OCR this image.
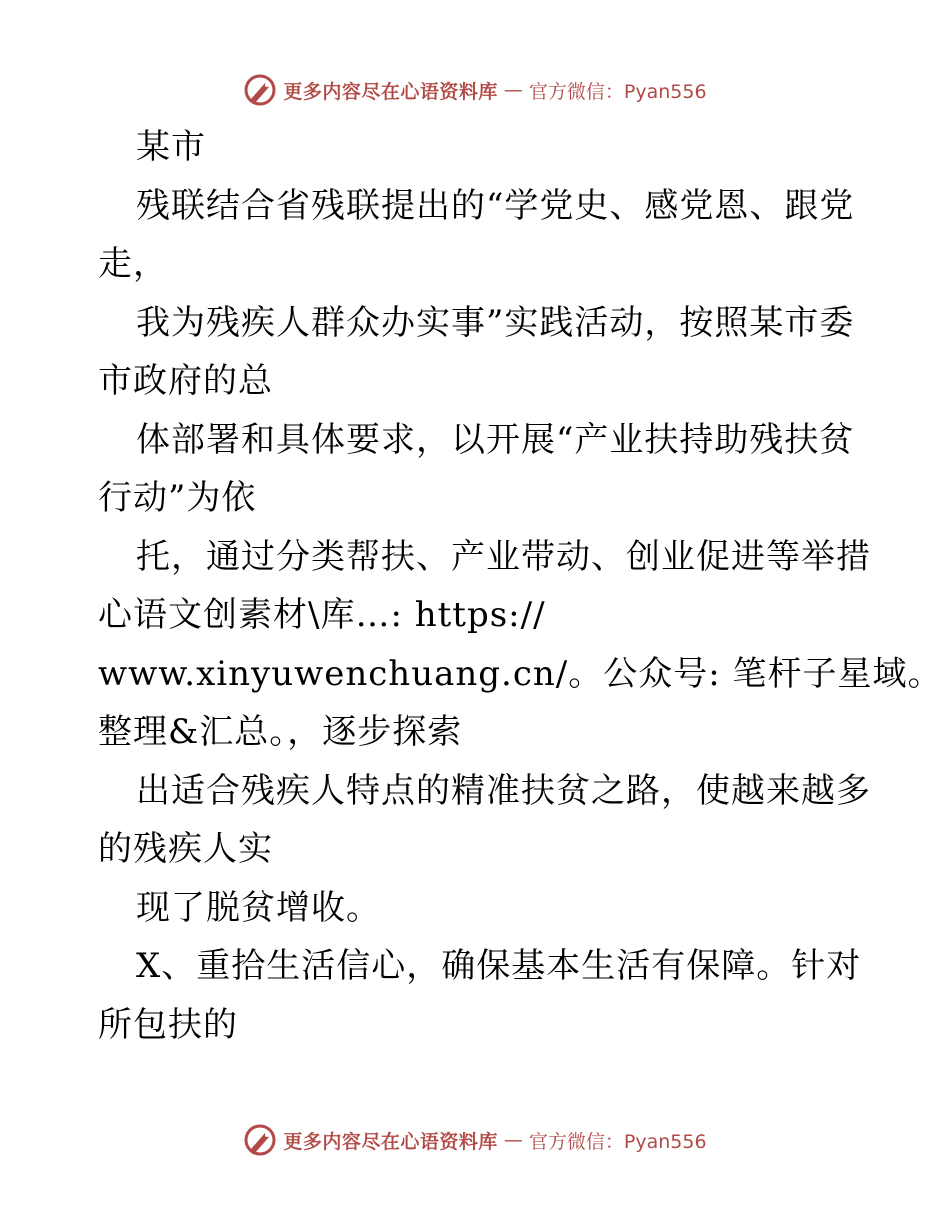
更多内容尽在心语资料库 — 官方微信：Pyan556
某市
残联结合省残联提出的“学党史、感党恩、跟党
走，
我为残疾人群众办实事”实践活动，按照某市委
市政府的总
体部署和具体要求，以开展“产业扶持助残扶贫
行动”为依
托，通过分类帮扶、产业带动、创业促进等举措
心语文创素材\库…: https://
www.xinyuwenchuang.cn/。公众号: 笔杆子星域。
整理&汇总。，逐步探索
出适合残疾人特点的精准扶贫之路，使越来越多
的残疾人实
现了脱贫增收。
X、重拾生活信心，确保基本生活有保障。针对
所包扶的
更多内容尽在心语资料库 — 官方微信：Pyan556
